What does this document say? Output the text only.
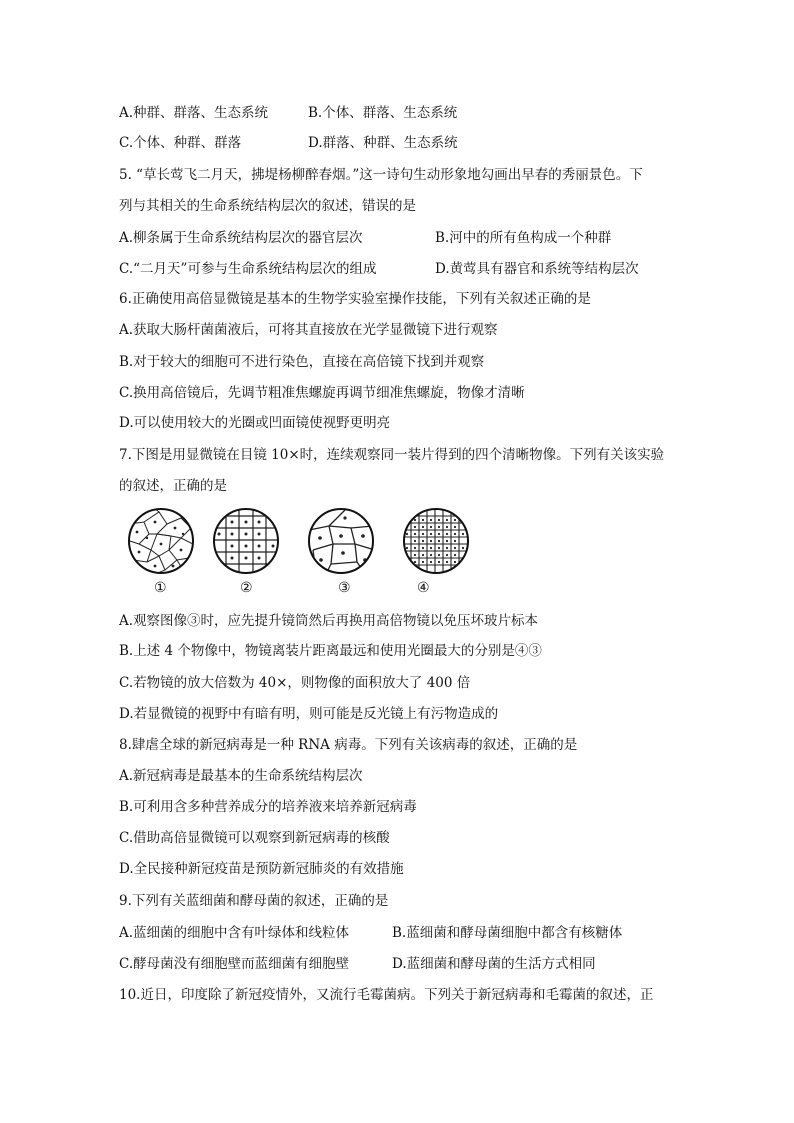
A.种群、群落、生态系统	B.个体、群落、生态系统
C.个体、种群、群落	D.群落、种群、生态系统
5. “草长莺飞二月天，拂堤杨柳醉春烟。”这一诗句生动形象地勾画出早春的秀丽景色。下
列与其相关的生命系统结构层次的叙述，错误的是
A.柳条属于生命系统结构层次的器官层次	B.河中的所有鱼构成一个种群
C.“二月天”可参与生命系统结构层次的组成	D.黄莺具有器官和系统等结构层次
6.正确使用高倍显微镜是基本的生物学实验室操作技能，下列有关叙述正确的是
A.获取大肠杆菌菌液后，可将其直接放在光学显微镜下进行观察
B.对于较大的细胞可不进行染色，直接在高倍镜下找到并观察
C.换用高倍镜后，先调节粗准焦螺旋再调节细准焦螺旋，物像才清晰
D.可以使用较大的光圈或凹面镜使视野更明亮
7.下图是用显微镜在目镜 10×时，连续观察同一装片得到的四个清晰物像。下列有关该实验
的叙述，正确的是
①	②	③	④
A.观察图像③时，应先提升镜筒然后再换用高倍物镜以免压坏玻片标本
B.上述 4 个物像中，物镜离装片距离最远和使用光圈最大的分别是④③
C.若物镜的放大倍数为 40×，则物像的面积放大了 400 倍
D.若显微镜的视野中有暗有明，则可能是反光镜上有污物造成的
8.肆虐全球的新冠病毒是一种 RNA 病毒。下列有关该病毒的叙述，正确的是
A.新冠病毒是最基本的生命系统结构层次
B.可利用含多种营养成分的培养液来培养新冠病毒
C.借助高倍显微镜可以观察到新冠病毒的核酸
D.全民接种新冠疫苗是预防新冠肺炎的有效措施
9.下列有关蓝细菌和酵母菌的叙述，正确的是
A.蓝细菌的细胞中含有叶绿体和线粒体	B.蓝细菌和酵母菌细胞中都含有核糖体
C.酵母菌没有细胞壁而蓝细菌有细胞壁	D.蓝细菌和酵母菌的生活方式相同
10.近日，印度除了新冠疫情外，又流行毛霉菌病。下列关于新冠病毒和毛霉菌的叙述，正
